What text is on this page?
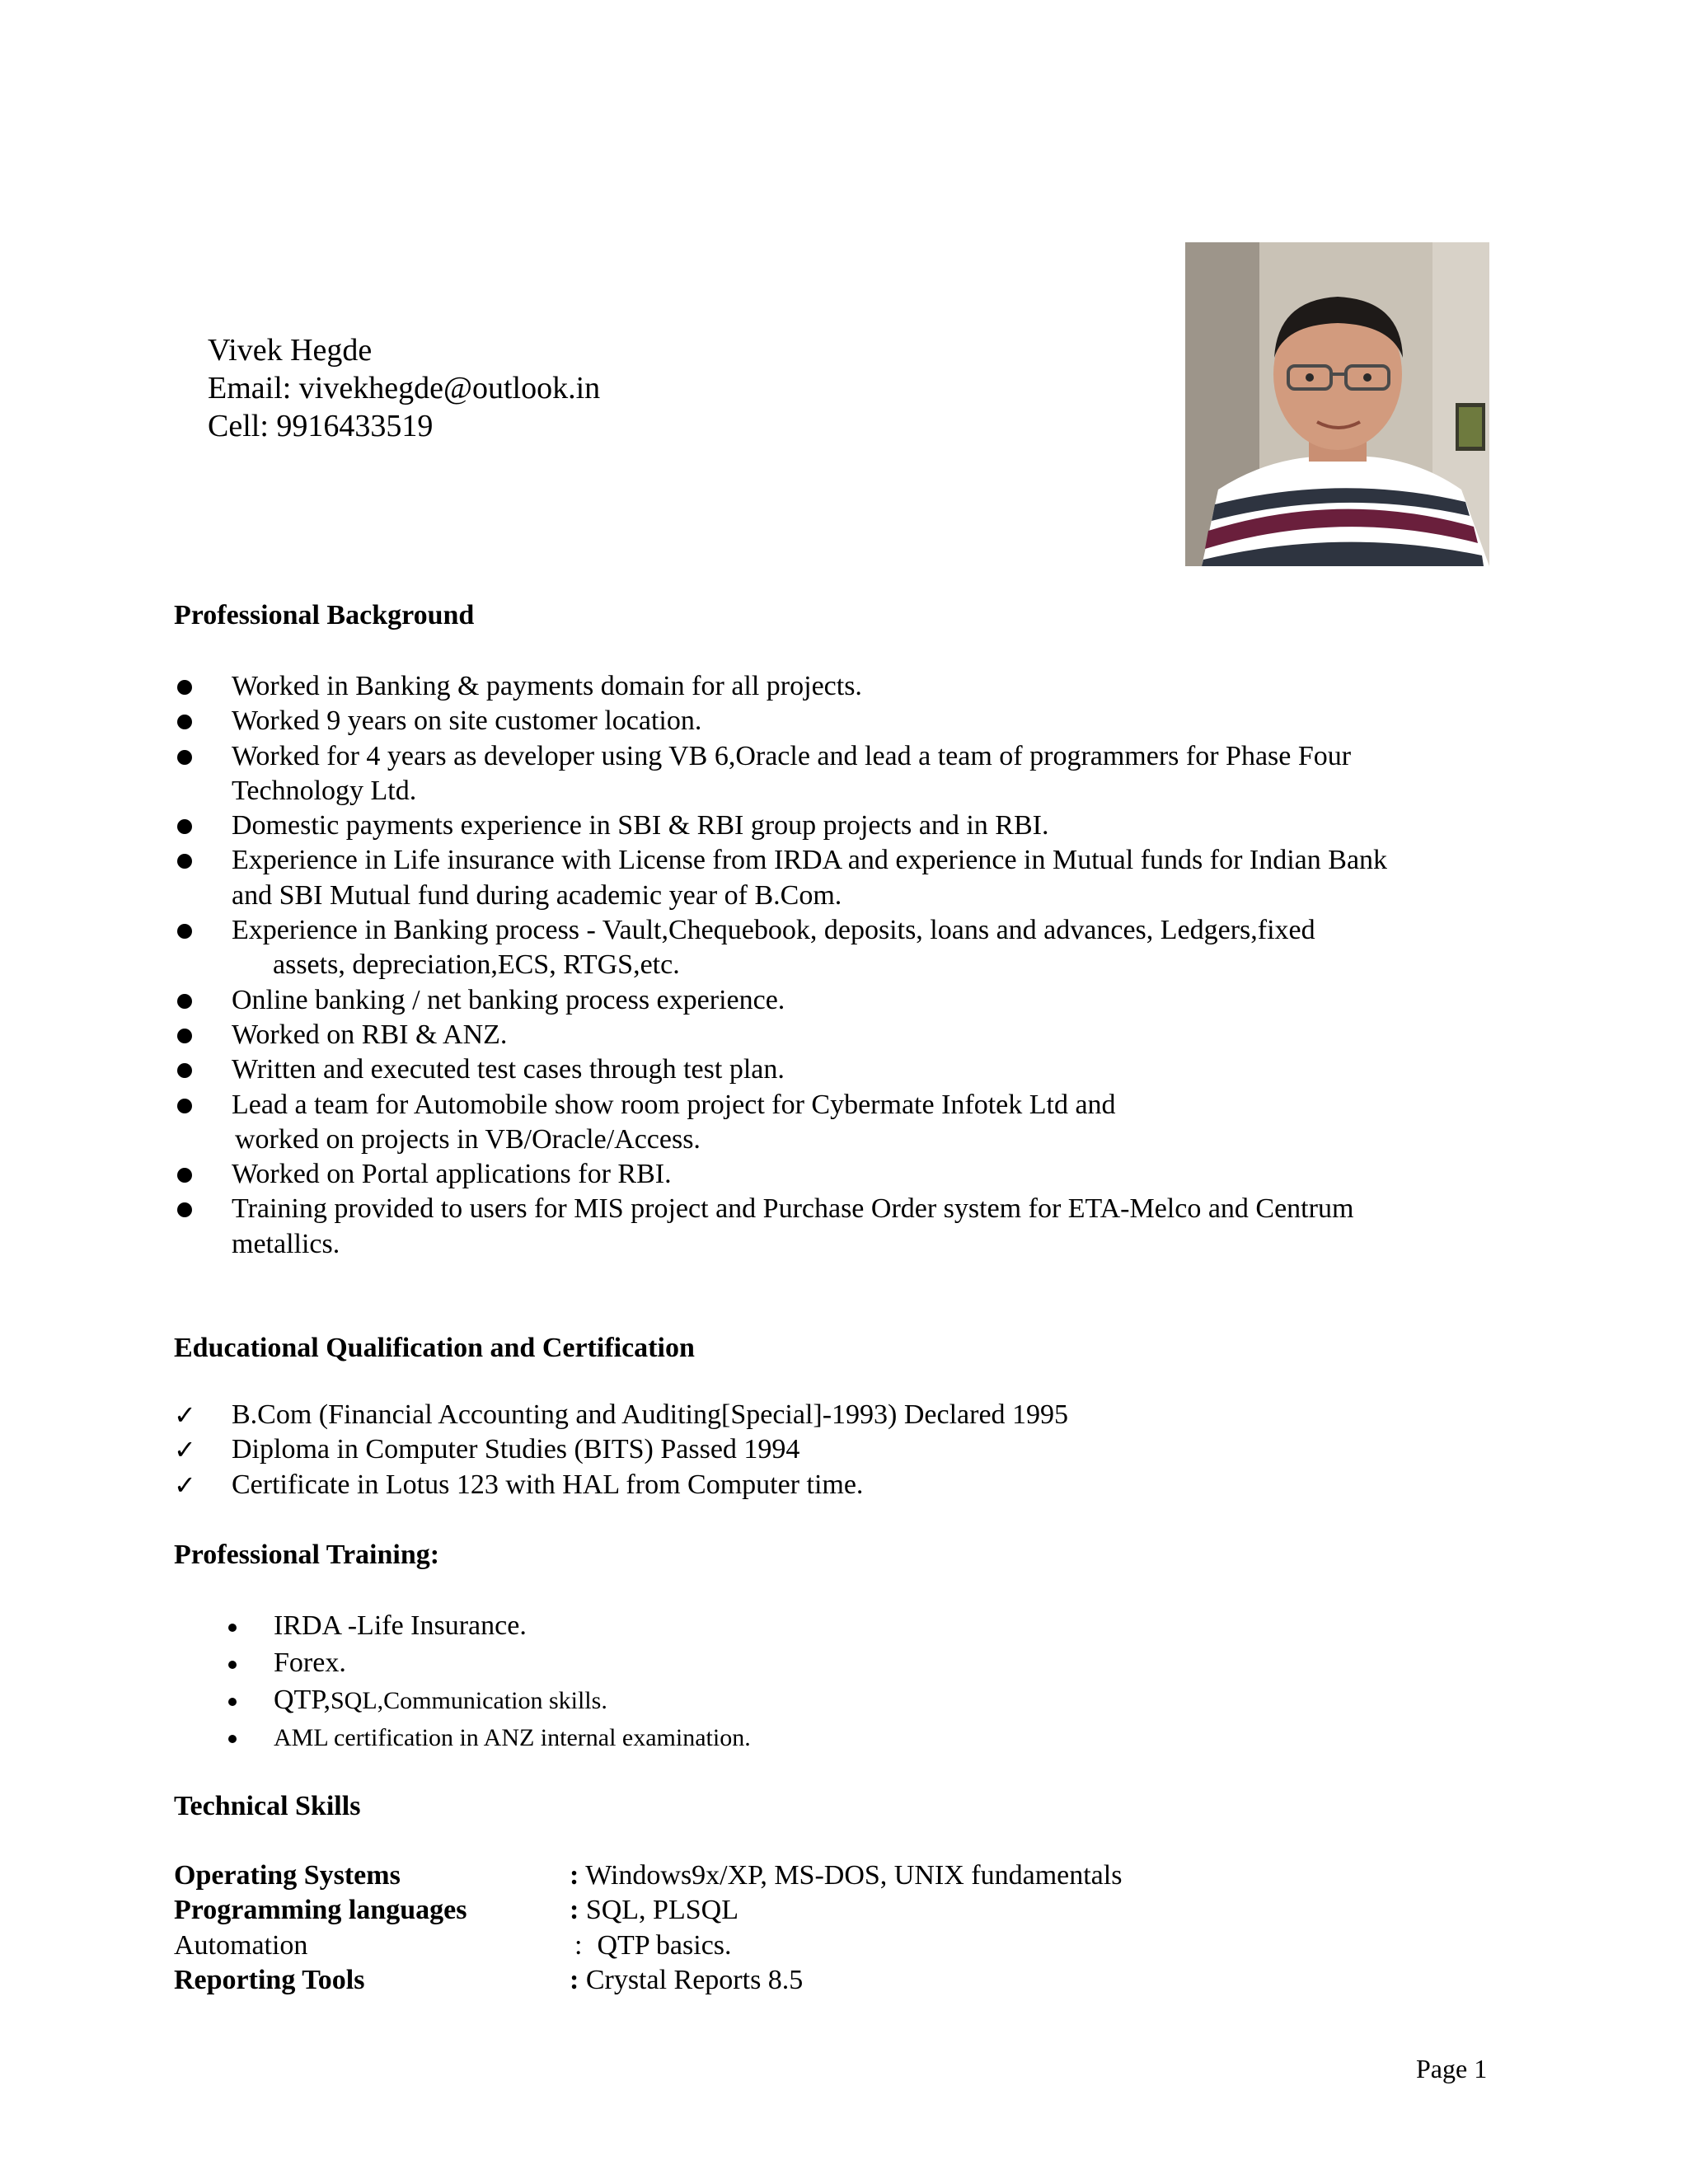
Vivek Hegde
Email: vivekhegde@outlook.in
Cell: 9916433519
Professional Background
Worked in Banking & payments domain for all projects.
Worked 9 years on site customer location.
Worked for 4 years as developer using VB 6,Oracle and lead a team of programmers for Phase Four
Technology Ltd.
Domestic payments experience in SBI & RBI group projects and in RBI.
Experience in Life insurance with License from IRDA and experience in Mutual funds for Indian Bank
and SBI Mutual fund during academic year of B.Com.
Experience in Banking process - Vault,Chequebook, deposits, loans and advances, Ledgers,fixed
assets, depreciation,ECS, RTGS,etc.
Online banking / net banking process experience.
Worked on RBI & ANZ.
Written and executed test cases through test plan.
Lead a team for Automobile show room project for Cybermate Infotek Ltd and
worked on projects in VB/Oracle/Access.
Worked on Portal applications for RBI.
Training provided to users for MIS project and Purchase Order system for ETA-Melco and Centrum
metallics.
Educational Qualification and Certification
✓ B.Com (Financial Accounting and Auditing[Special]-1993) Declared 1995
✓ Diploma in Computer Studies (BITS) Passed 1994
✓ Certificate in Lotus 123 with HAL from Computer time.
Professional Training:
IRDA -Life Insurance.
Forex.
QTP,SQL,Communication skills.
AML certification in ANZ internal examination.
Technical Skills
Operating Systems	: Windows9x/XP, MS-DOS, UNIX fundamentals
Programming languages	: SQL, PLSQL
Automation	: QTP basics.
Reporting Tools	: Crystal Reports 8.5
Page 1
